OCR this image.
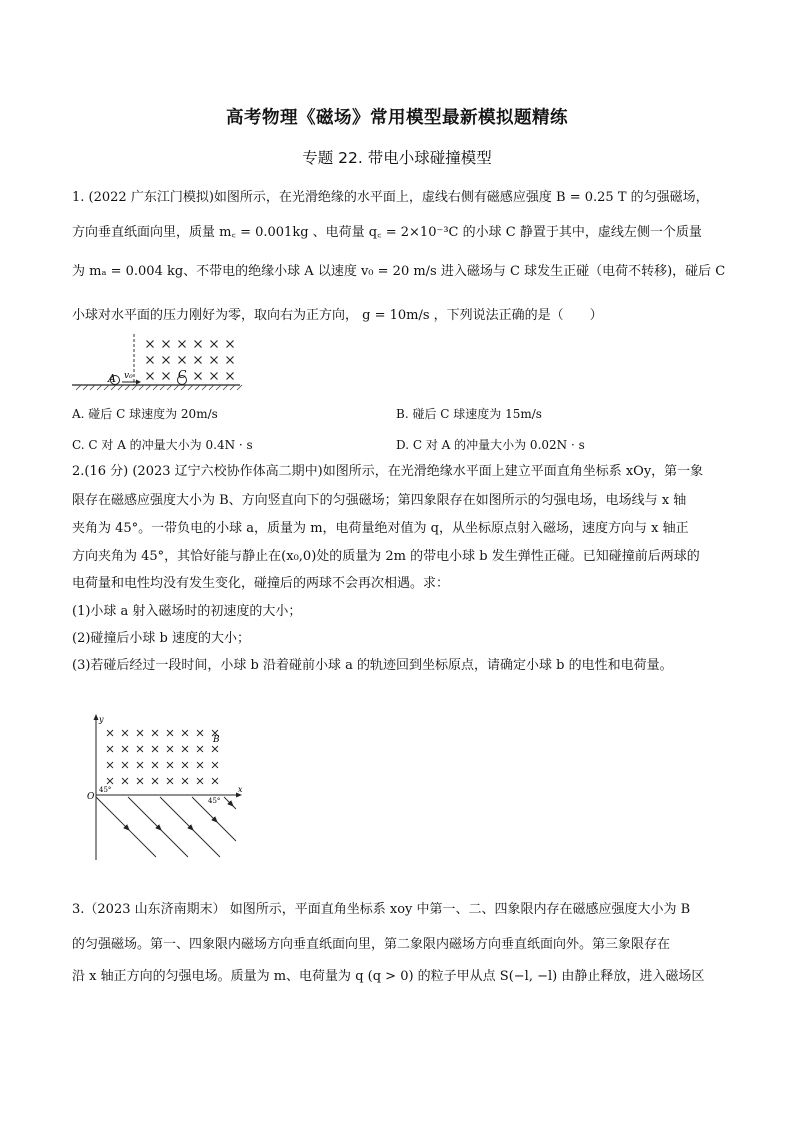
高考物理《磁场》常用模型最新模拟题精练
专题 22. 带电小球碰撞模型
1. (2022 广东江门模拟)如图所示，在光滑绝缘的水平面上，虚线右侧有磁感应强度 B = 0.25 T 的匀强磁场，
方向垂直纸面向里，质量 m꜀ = 0.001kg 、电荷量 q꜀ = 2×10⁻³C 的小球 C 静置于其中，虚线左侧一个质量
为 mₐ = 0.004 kg、不带电的绝缘小球 A 以速度 v₀ = 20 m/s 进入磁场与 C 球发生正碰（电荷不转移)，碰后 C
小球对水平面的压力刚好为零，取向右为正方向， g = 10m/s ，下列说法正确的是（　　）
A v₀	C
A. 碰后 C 球速度为 20m/s	B. 碰后 C 球速度为 15m/s
C. C 对 A 的冲量大小为 0.4N · s	D. C 对 A 的冲量大小为 0.02N · s
2.(16 分) (2023 辽宁六校协作体高二期中)如图所示，在光滑绝缘水平面上建立平面直角坐标系 xOy，第一象
限存在磁感应强度大小为 B、方向竖直向下的匀强磁场；第四象限存在如图所示的匀强电场，电场线与 x 轴
夹角为 45°。一带负电的小球 a，质量为 m，电荷量绝对值为 q，从坐标原点射入磁场，速度方向与 x 轴正
方向夹角为 45°，其恰好能与静止在(x₀,0)处的质量为 2m 的带电小球 b 发生弹性正碰。已知碰撞前后两球的
电荷量和电性均没有发生变化，碰撞后的两球不会再次相遇。求：
(1)小球 a 射入磁场时的初速度的大小；
(2)碰撞后小球 b 速度的大小；
(3)若碰后经过一段时间，小球 b 沿着碰前小球 a 的轨迹回到坐标原点，请确定小球 b 的电性和电荷量。
y
x
O
B
45°
45°
3.（2023 山东济南期末） 如图所示，平面直角坐标系 xoy 中第一、二、四象限内存在磁感应强度大小为 B
的匀强磁场。第一、四象限内磁场方向垂直纸面向里，第二象限内磁场方向垂直纸面向外。第三象限存在
沿 x 轴正方向的匀强电场。质量为 m、电荷量为 q (q > 0) 的粒子甲从点 S(−l, −l) 由静止释放，进入磁场区
